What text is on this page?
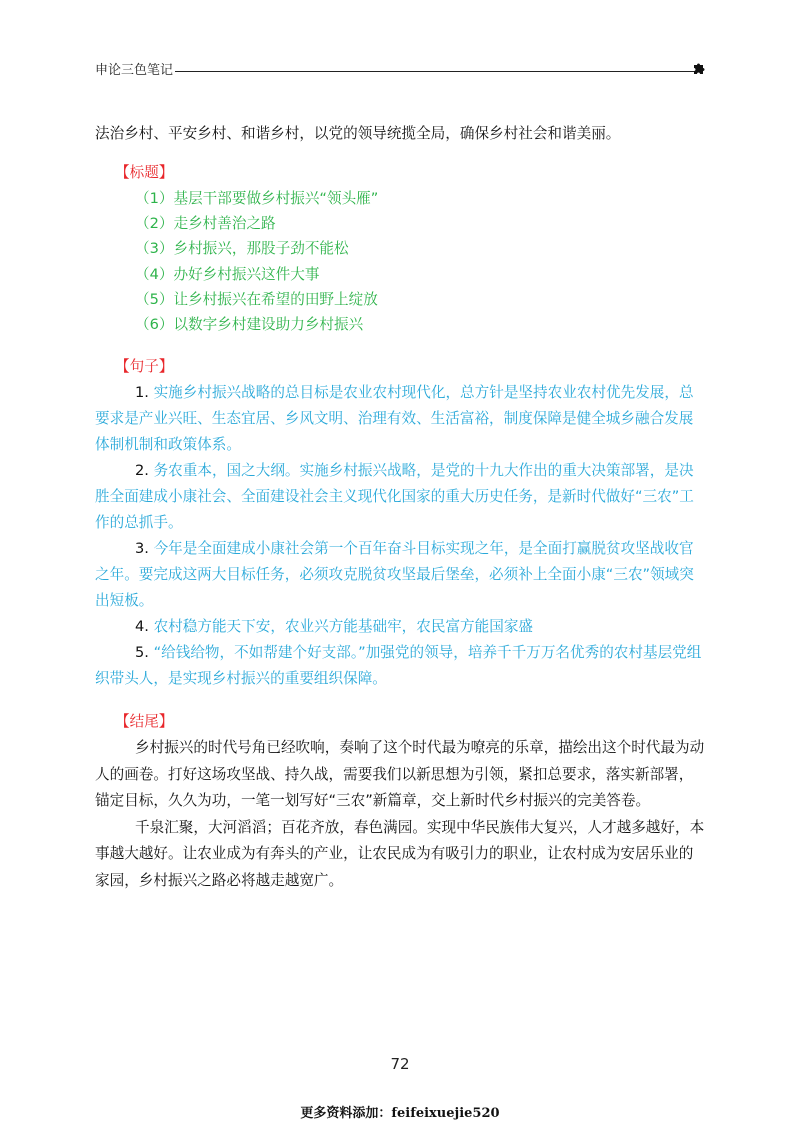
申论三色笔记

法治乡村、平安乡村、和谐乡村，以党的领导统揽全局，确保乡村社会和谐美丽。

【标题】
（1）基层干部要做乡村振兴“领头雁”
（2）走乡村善治之路
（3）乡村振兴，那股子劲不能松
（4）办好乡村振兴这件大事
（5）让乡村振兴在希望的田野上绽放
（6）以数字乡村建设助力乡村振兴
【句子】

1. 实施乡村振兴战略的总目标是农业农村现代化，总方针是坚持农业农村优先发展，总要求是产业兴旺、生态宜居、乡风文明、治理有效、生活富裕，制度保障是健全城乡融合发展体制机制和政策体系。

2. 务农重本，国之大纲。实施乡村振兴战略，是党的十九大作出的重大决策部署，是决胜全面建成小康社会、全面建设社会主义现代化国家的重大历史任务，是新时代做好“三农”工作的总抓手。

3. 今年是全面建成小康社会第一个百年奋斗目标实现之年，是全面打赢脱贫攻坚战收官之年。要完成这两大目标任务，必须攻克脱贫攻坚最后堡垒，必须补上全面小康“三农”领域突出短板。

4. 农村稳方能天下安，农业兴方能基础牢，农民富方能国家盛

5. “给钱给物，不如帮建个好支部。”加强党的领导，培养千千万万名优秀的农村基层党组织带头人，是实现乡村振兴的重要组织保障。

【结尾】

乡村振兴的时代号角已经吹响，奏响了这个时代最为嘹亮的乐章，描绘出这个时代最为动人的画卷。打好这场攻坚战、持久战，需要我们以新思想为引领，紧扣总要求，落实新部署，锚定目标，久久为功，一笔一划写好“三农”新篇章，交上新时代乡村振兴的完美答卷。

千泉汇聚，大河滔滔；百花齐放，春色满园。实现中华民族伟大复兴，人才越多越好，本事越大越好。让农业成为有奔头的产业，让农民成为有吸引力的职业，让农村成为安居乐业的家园，乡村振兴之路必将越走越宽广。

72
更多资料添加：feifeixuejie520
